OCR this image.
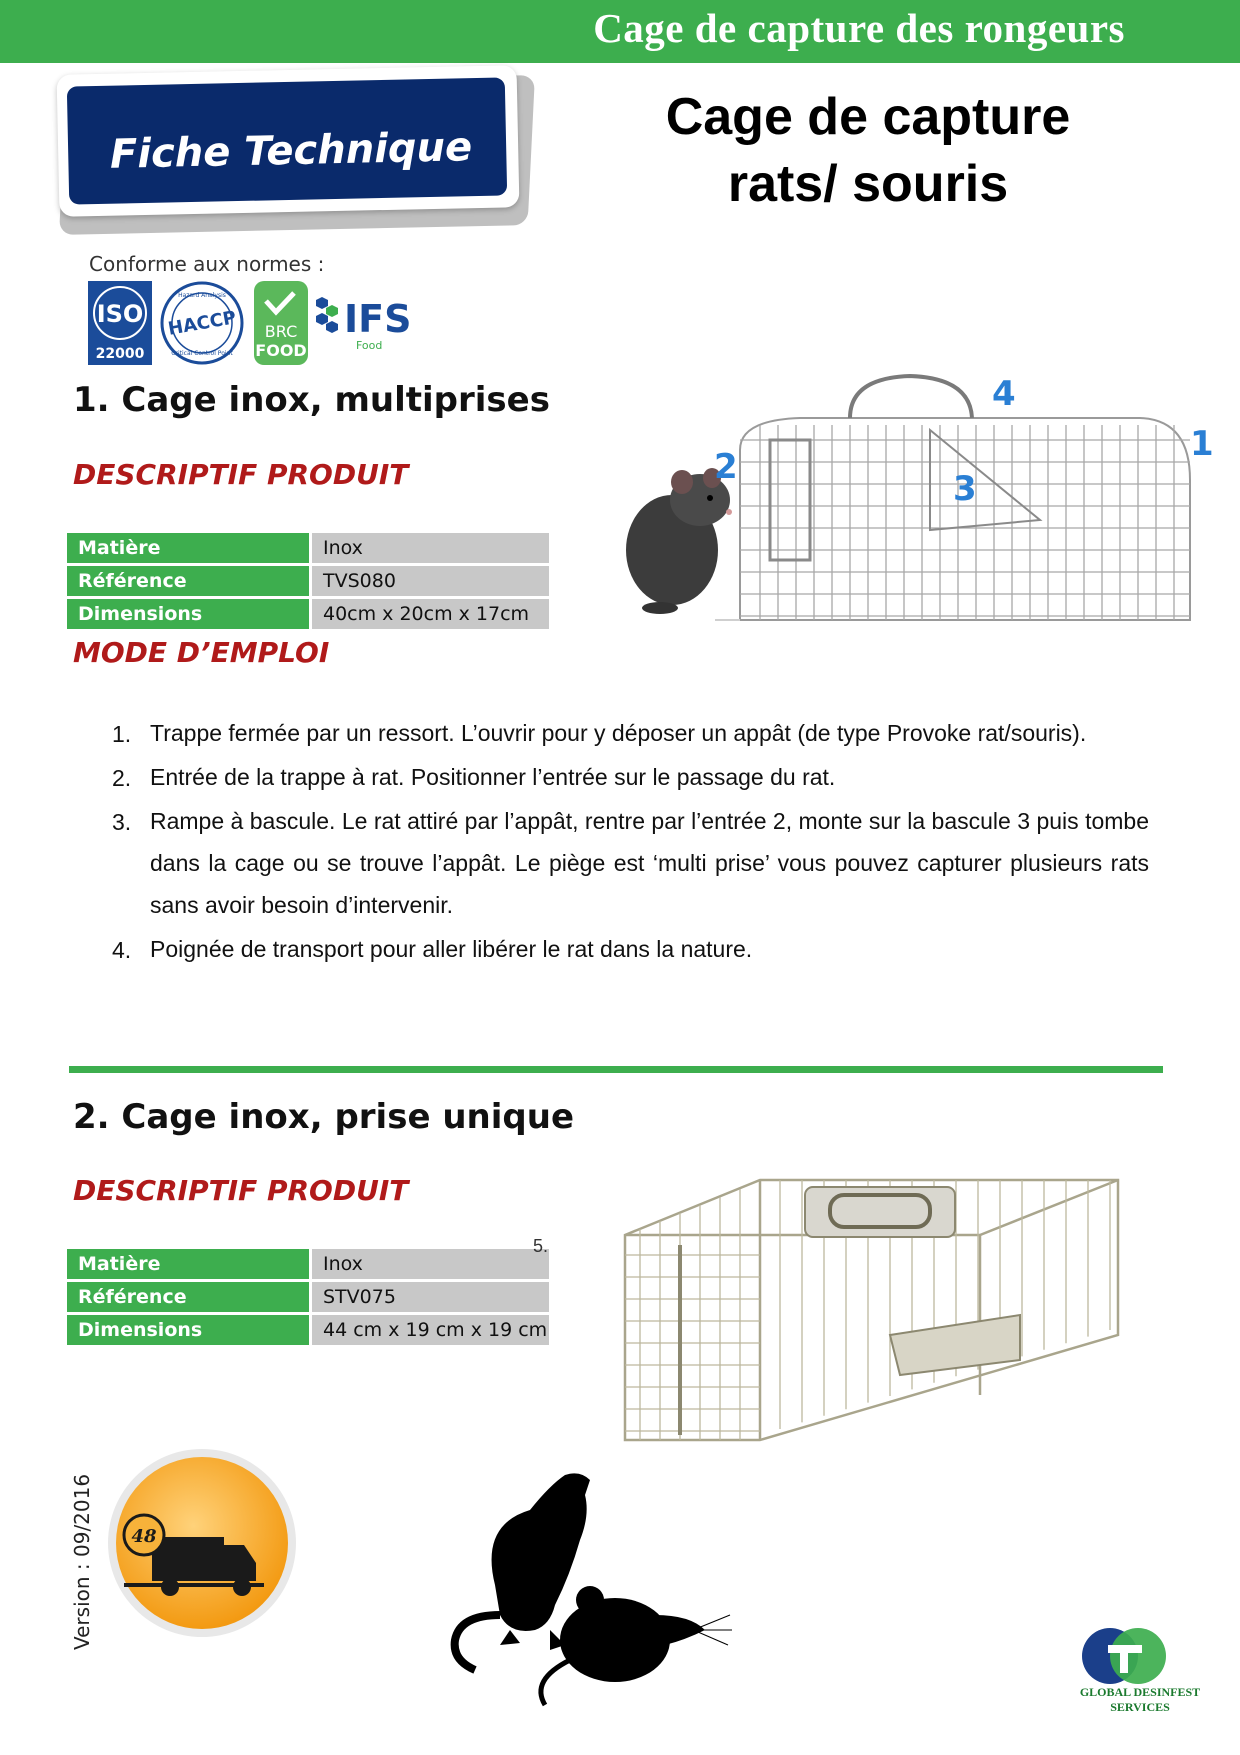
Cage de capture des rongeurs
Fiche Technique
Cage de capture
rats/ souris
Conforme aux normes :
ISO
22000
Hazard Analysis
HACCP
Critical Control Point
BRC
FOOD
IFS
Food
1. Cage inox, multiprises
DESCRIPTIF PRODUIT
Matière	Inox
Référence	TVS080
Dimensions	40cm x 20cm x 17cm
MODE D’EMPLOI
1
2
3
4
1. Trappe fermée par un ressort. L’ouvrir pour y déposer un appât (de type Provoke rat/souris).
2. Entrée de la trappe à rat. Positionner l’entrée sur le passage du rat.
3. Rampe à bascule. Le rat attiré par l’appât, rentre par l’entrée 2, monte sur la bascule 3 puis tombe dans la cage ou se trouve l’appât. Le piège est ‘multi prise’ vous pouvez capturer plusieurs rats sans avoir besoin d’intervenir.
4. Poignée de transport pour aller libérer le rat dans la nature.
2. Cage inox, prise unique
DESCRIPTIF PRODUIT
Matière	Inox
Référence	STV075
Dimensions	44 cm x 19 cm x 19 cm
5.
Version : 09/2016 48
GLOBAL DESINFEST
SERVICES
